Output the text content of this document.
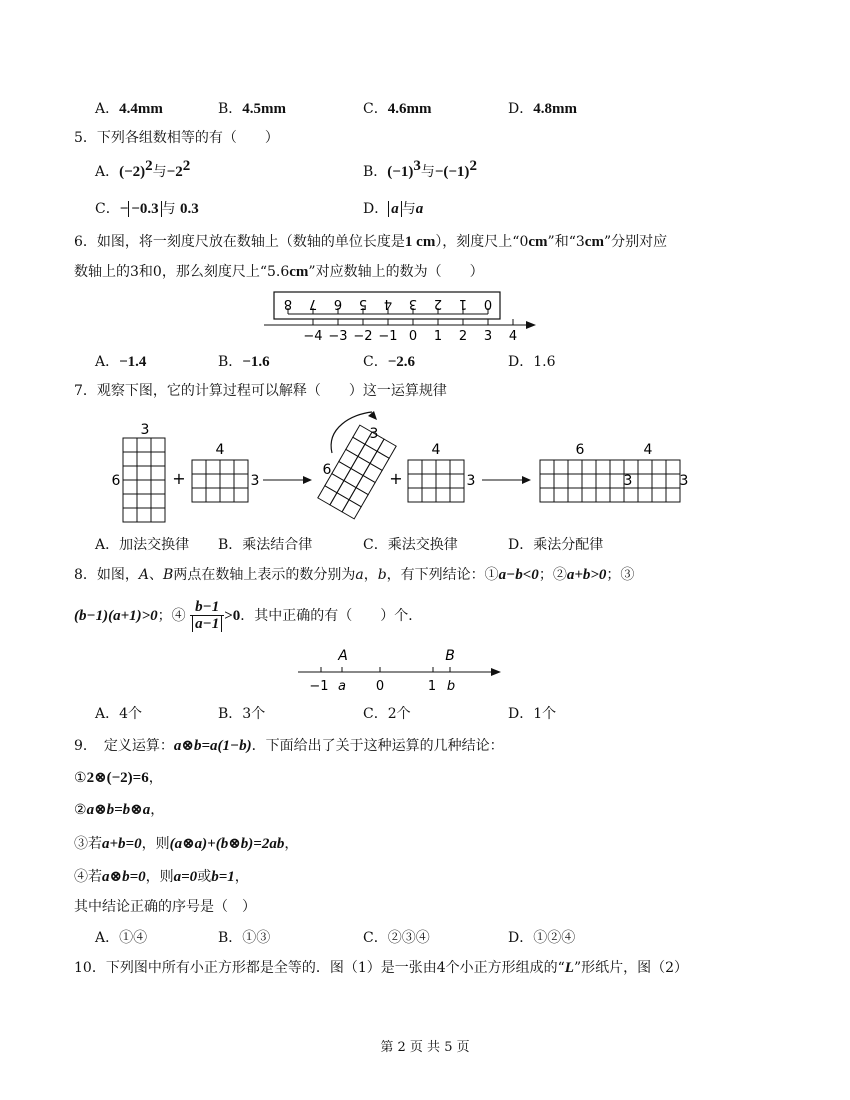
A．4.4mm	B．4.5mm	C．4.6mm	D．4.8mm
5．下列各组数相等的有（　　）
A．$(-2)^2$与$-2^2$	B．$(-1)^3$与$-(-1)^2$
C．− −0.3 与 0.3	D． a 与a
6．如图，将一刻度尺放在数轴上（数轴的单位长度是1 cm），刻度尺上“0cm”和“3cm”分别对应
数轴上的3和0，那么刻度尺上“5.6cm”对应数轴上的数为（　　）
8 7 6 5 4 3 2 1 0
−4 −3 −2 −1 0 1 2 3 4
A．−1.4	B．−1.6	C．−2.6	D．1.6
7．观察下图，它的计算过程可以解释（　　）这一运算规律
3
6	+
4
3
3
6	+
4
3
6	4
3	3
A．加法交换律 B．乘法结合律	C．乘法交换律	D．乘法分配律
8．如图，A、B两点在数轴上表示的数分别为a，b，有下列结论：①a−b<0；②a+b>0；③
(b−1)(a+1)>0；④ $\frac{b-1}{a-1} >0$．其中正确的有（　　）个．
A	B
−1 a 0	1 b
A．4个	B．3个	C．2个	D．1个
9．　定义运算：a⊗b=a(1−b)．下面给出了关于这种运算的几种结论：
①2⊗(−2)=6，
②a⊗b=b⊗a，
③若a+b=0，则(a⊗a)+(b⊗b)=2ab，
④若a⊗b=0，则a=0或b=1，
其中结论正确的序号是（　）
A．①④	B．①③	C．②③④	D．①②④
10．下列图中所有小正方形都是全等的．图（1）是一张由4个小正方形组成的“L”形纸片，图（2）
第 2 页 共 5 页
